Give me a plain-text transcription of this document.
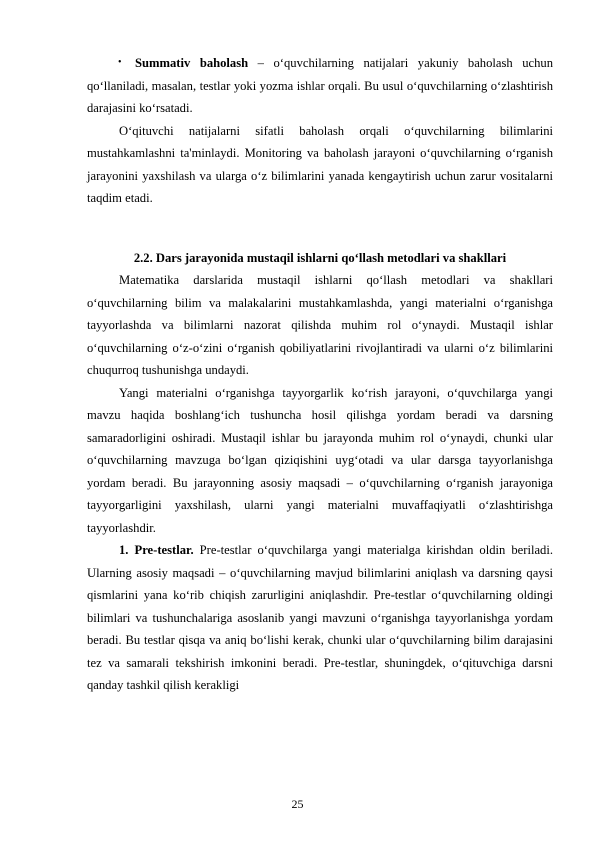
•	Summativ baholash – o‘quvchilarning natijalari yakuniy baholash uchun qo‘llaniladi, masalan, testlar yoki yozma ishlar orqali. Bu usul o‘quvchilarning o‘zlashtirish darajasini ko‘rsatadi.

O‘qituvchi natijalarni sifatli baholash orqali o‘quvchilarning bilimlarini mustahkamlashni ta'minlaydi. Monitoring va baholash jarayoni o‘quvchilarning o‘rganish jarayonini yaxshilash va ularga o‘z bilimlarini yanada kengaytirish uchun zarur vositalarni taqdim etadi.

2.2. Dars jarayonida mustaqil ishlarni qo‘llash metodlari va shakllari

Matematika darslarida mustaqil ishlarni qo‘llash metodlari va shakllari o‘quvchilarning bilim va malakalarini mustahkamlashda, yangi materialni o‘rganishga tayyorlashda va bilimlarni nazorat qilishda muhim rol o‘ynaydi. Mustaqil ishlar o‘quvchilarning o‘z-o‘zini o‘rganish qobiliyatlarini rivojlantiradi va ularni o‘z bilimlarini chuqurroq tushunishga undaydi.

Yangi materialni o‘rganishga tayyorgarlik ko‘rish jarayoni, o‘quvchilarga yangi mavzu haqida boshlang‘ich tushuncha hosil qilishga yordam beradi va darsning samaradorligini oshiradi. Mustaqil ishlar bu jarayonda muhim rol o‘ynaydi, chunki ular o‘quvchilarning mavzuga bo‘lgan qiziqishini uyg‘otadi va ular darsga tayyorlanishga yordam beradi. Bu jarayonning asosiy maqsadi – o‘quvchilarning o‘rganish jarayoniga tayyorgarligini yaxshilash, ularni yangi materialni muvaffaqiyatli o‘zlashtirishga tayyorlashdir.

1. Pre-testlar. Pre-testlar o‘quvchilarga yangi materialga kirishdan oldin beriladi. Ularning asosiy maqsadi – o‘quvchilarning mavjud bilimlarini aniqlash va darsning qaysi qismlarini yana ko‘rib chiqish zarurligini aniqlashdir. Pre-testlar o‘quvchilarning oldingi bilimlari va tushunchalariga asoslanib yangi mavzuni o‘rganishga tayyorlanishga yordam beradi. Bu testlar qisqa va aniq bo‘lishi kerak, chunki ular o‘quvchilarning bilim darajasini tez va samarali tekshirish imkonini beradi. Pre-testlar, shuningdek, o‘qituvchiga darsni qanday tashkil qilish kerakligi

25
